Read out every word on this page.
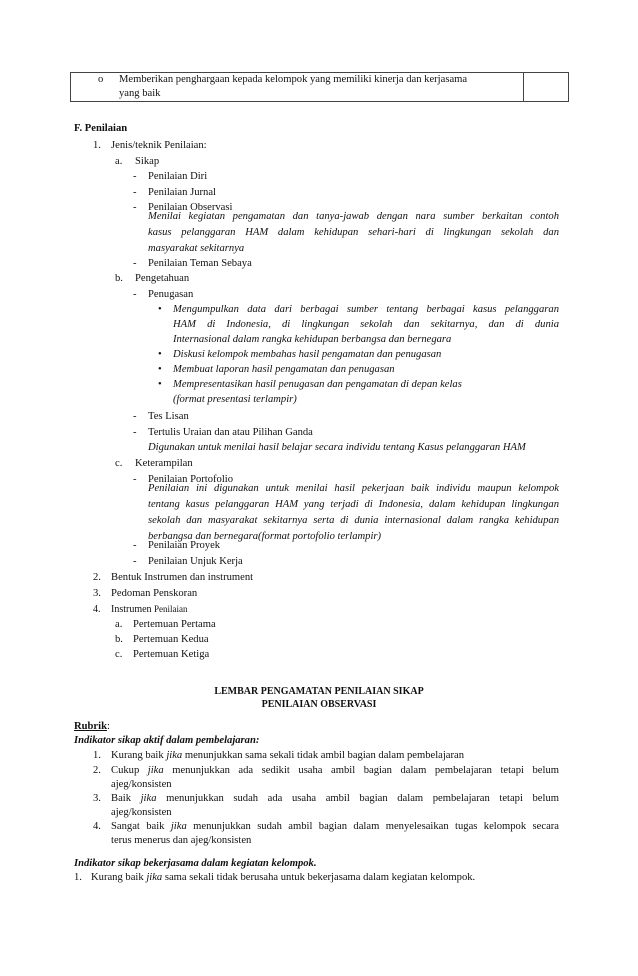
o Memberikan penghargaan kepada kelompok yang memiliki kinerja dan kerjasama
yang baik
F. Penilaian
1. Jenis/teknik Penilaian:
a. Sikap
- Penilaian Diri
- Penilaian Jurnal
- Penilaian Observasi
Menilai kegiatan pengamatan dan tanya-jawab dengan nara sumber berkaitan contoh
kasus pelanggaran HAM dalam kehidupan sehari-hari di lingkungan sekolah dan
masyarakat sekitarnya
- Penilaian Teman Sebaya
b. Pengetahuan
- Penugasan
• Mengumpulkan data dari berbagai sumber tentang berbagai kasus pelanggaran
HAM di Indonesia, di lingkungan sekolah dan sekitarnya, dan di dunia
Internasional dalam rangka kehidupan berbangsa dan bernegara
• Diskusi kelompok membahas hasil pengamatan dan penugasan
• Membuat laporan hasil pengamatan dan penugasan
• Mempresentasikan hasil penugasan dan pengamatan di depan kelas
(format presentasi terlampir)
- Tes Lisan
- Tertulis Uraian dan atau Pilihan Ganda
Digunakan untuk menilai hasil belajar secara individu tentang Kasus pelanggaran HAM
c. Keterampilan
- Penilaian Portofolio
Penilaian ini digunakan untuk menilai hasil pekerjaan baik individu maupun kelompok
tentang kasus pelanggaran HAM yang terjadi di Indonesia, dalam kehidupan lingkungan
sekolah dan masyarakat sekitarnya serta di dunia internasional dalam rangka kehidupan
berbangsa dan bernegara(format portofolio terlampir)
- Penilaian Proyek
- Penilaian Unjuk Kerja
2. Bentuk Instrumen dan instrument
3. Pedoman Penskoran
4. Instrumen Penilaian
a. Pertemuan Pertama
b. Pertemuan Kedua
c. Pertemuan Ketiga
LEMBAR PENGAMATAN PENILAIAN SIKAP
PENILAIAN OBSERVASI
Rubrik:
Indikator sikap aktif dalam pembelajaran:
1. Kurang baik jika menunjukkan sama sekali tidak ambil bagian dalam pembelajaran
2. Cukup jika menunjukkan ada sedikit usaha ambil bagian dalam pembelajaran tetapi belum
ajeg/konsisten
3. Baik jika menunjukkan sudah ada usaha ambil bagian dalam pembelajaran tetapi belum
ajeg/konsisten
4. Sangat baik jika menunjukkan sudah ambil bagian dalam menyelesaikan tugas kelompok secara
terus menerus dan ajeg/konsisten
Indikator sikap bekerjasama dalam kegiatan kelompok.
1. Kurang baik jika sama sekali tidak berusaha untuk bekerjasama dalam kegiatan kelompok.
